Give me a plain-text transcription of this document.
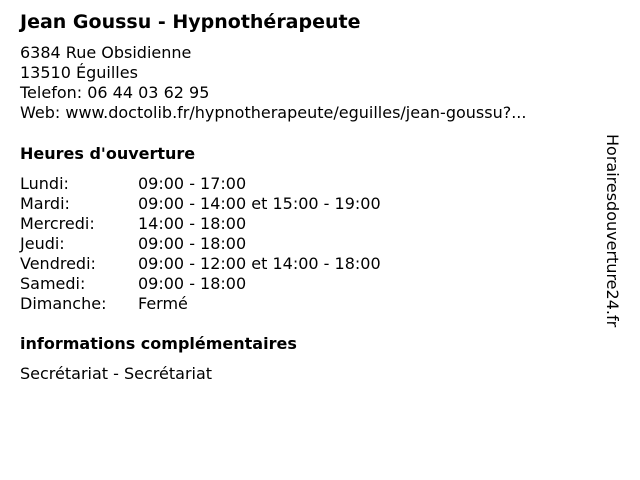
Jean Goussu - Hypnothérapeute
6384 Rue Obsidienne
13510 Éguilles
Telefon: 06 44 03 62 95
Web: www.doctolib.fr/hypnotherapeute/eguilles/jean-goussu?...
Heures d'ouverture
Lundi:	09:00 - 17:00
Mardi:	09:00 - 14:00 et 15:00 - 19:00
Mercredi:	14:00 - 18:00
Jeudi:	09:00 - 18:00
Vendredi:	09:00 - 12:00 et 14:00 - 18:00
Samedi:	09:00 - 18:00
Dimanche:	Fermé
informations complémentaires
Secrétariat - Secrétariat
Horairesdouverture24.fr
